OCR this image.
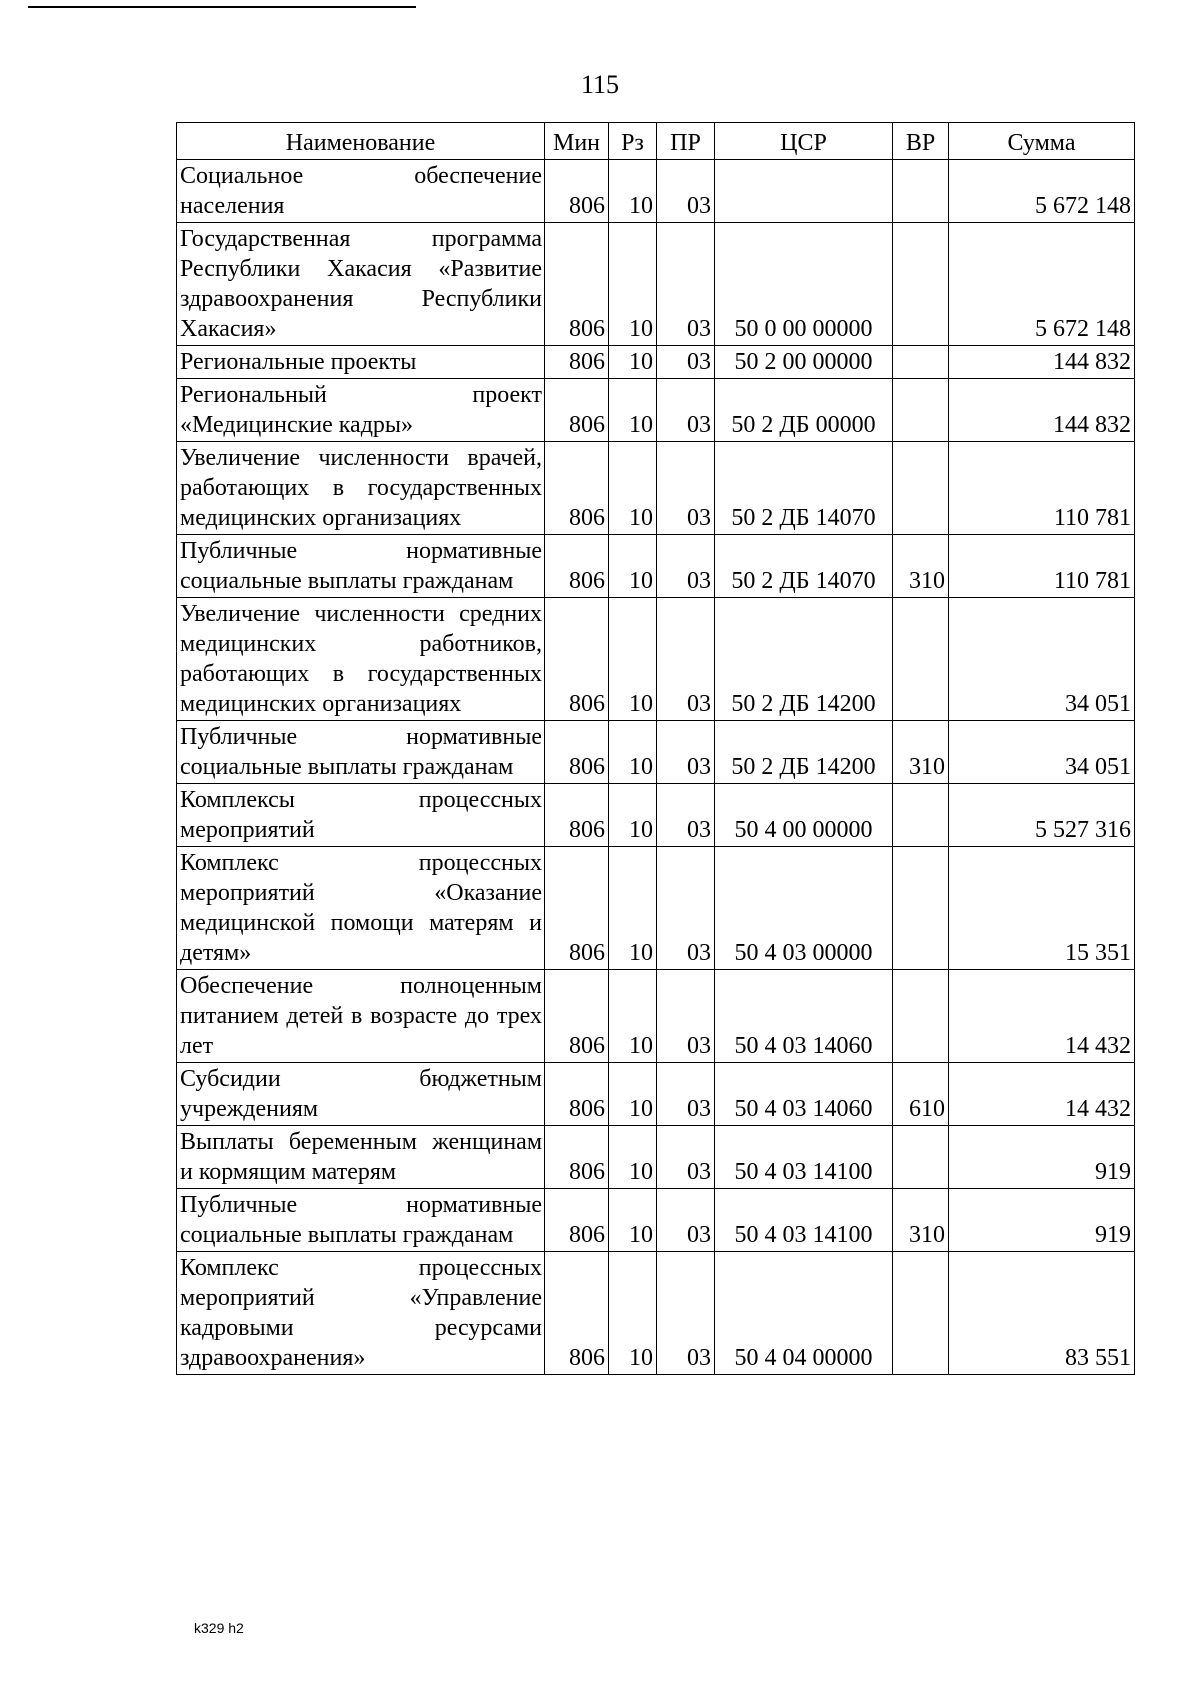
115
Наименование	Мин	Рз	ПР	ЦСР	ВР	Сумма
Социальное обеспечение населения	806	10	03			5 672 148
Государственная программа Республики Хакасия «Развитие здравоохранения Республики Хакасия»	806	10	03	50 0 00 00000		5 672 148
Региональные проекты	806	10	03	50 2 00 00000		144 832
Региональный проект «Медицинские кадры»	806	10	03	50 2 ДБ 00000		144 832
Увеличение численности врачей, работающих в государственных медицинских организациях	806	10	03	50 2 ДБ 14070		110 781
Публичные нормативные социальные выплаты гражданам	806	10	03	50 2 ДБ 14070	310	110 781
Увеличение численности средних медицинских работников, работающих в государственных медицинских организациях	806	10	03	50 2 ДБ 14200		34 051
Публичные нормативные социальные выплаты гражданам	806	10	03	50 2 ДБ 14200	310	34 051
Комплексы процессных мероприятий	806	10	03	50 4 00 00000		5 527 316
Комплекс процессных мероприятий «Оказание медицинской помощи матерям и детям»	806	10	03	50 4 03 00000		15 351
Обеспечение полноценным питанием детей в возрасте до трех лет	806	10	03	50 4 03 14060		14 432
Субсидии бюджетным учреждениям	806	10	03	50 4 03 14060	610	14 432
Выплаты беременным женщинам и кормящим матерям	806	10	03	50 4 03 14100		919
Публичные нормативные социальные выплаты гражданам	806	10	03	50 4 03 14100	310	919
Комплекс процессных мероприятий «Управление кадровыми ресурсами здравоохранения»	806	10	03	50 4 04 00000		83 551
k329 h2
